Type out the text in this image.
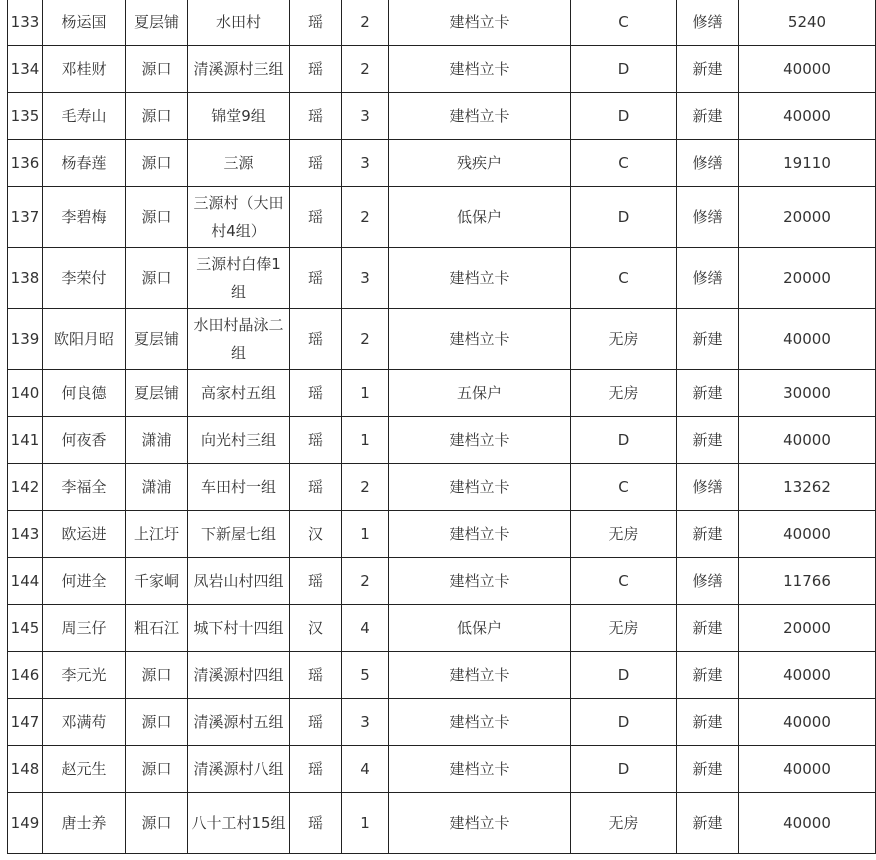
133	杨运国	夏层铺	水田村	瑶	2	建档立卡	C	修缮	5240
134	邓桂财	源口	清溪源村三组	瑶	2	建档立卡	D	新建	40000
135	毛寿山	源口	锦堂9组	瑶	3	建档立卡	D	新建	40000
136	杨春莲	源口	三源	瑶	3	残疾户	C	修缮	19110
137	李碧梅	源口	三源村（大田村4组）	瑶	2	低保户	D	修缮	20000
138	李荣付	源口	三源村白俸1组	瑶	3	建档立卡	C	修缮	20000
139	欧阳月昭	夏层铺	水田村晶泳二组	瑶	2	建档立卡	无房	新建	40000
140	何良德	夏层铺	高家村五组	瑶	1	五保户	无房	新建	30000
141	何夜香	潇浦	向光村三组	瑶	1	建档立卡	D	新建	40000
142	李福全	潇浦	车田村一组	瑶	2	建档立卡	C	修缮	13262
143	欧运进	上江圩	下新屋七组	汉	1	建档立卡	无房	新建	40000
144	何进全	千家峒	凤岩山村四组	瑶	2	建档立卡	C	修缮	11766
145	周三仔	粗石江	城下村十四组	汉	4	低保户	无房	新建	20000
146	李元光	源口	清溪源村四组	瑶	5	建档立卡	D	新建	40000
147	邓满苟	源口	清溪源村五组	瑶	3	建档立卡	D	新建	40000
148	赵元生	源口	清溪源村八组	瑶	4	建档立卡	D	新建	40000
149	唐士养	源口	八十工村15组	瑶	1	建档立卡	无房	新建	40000
